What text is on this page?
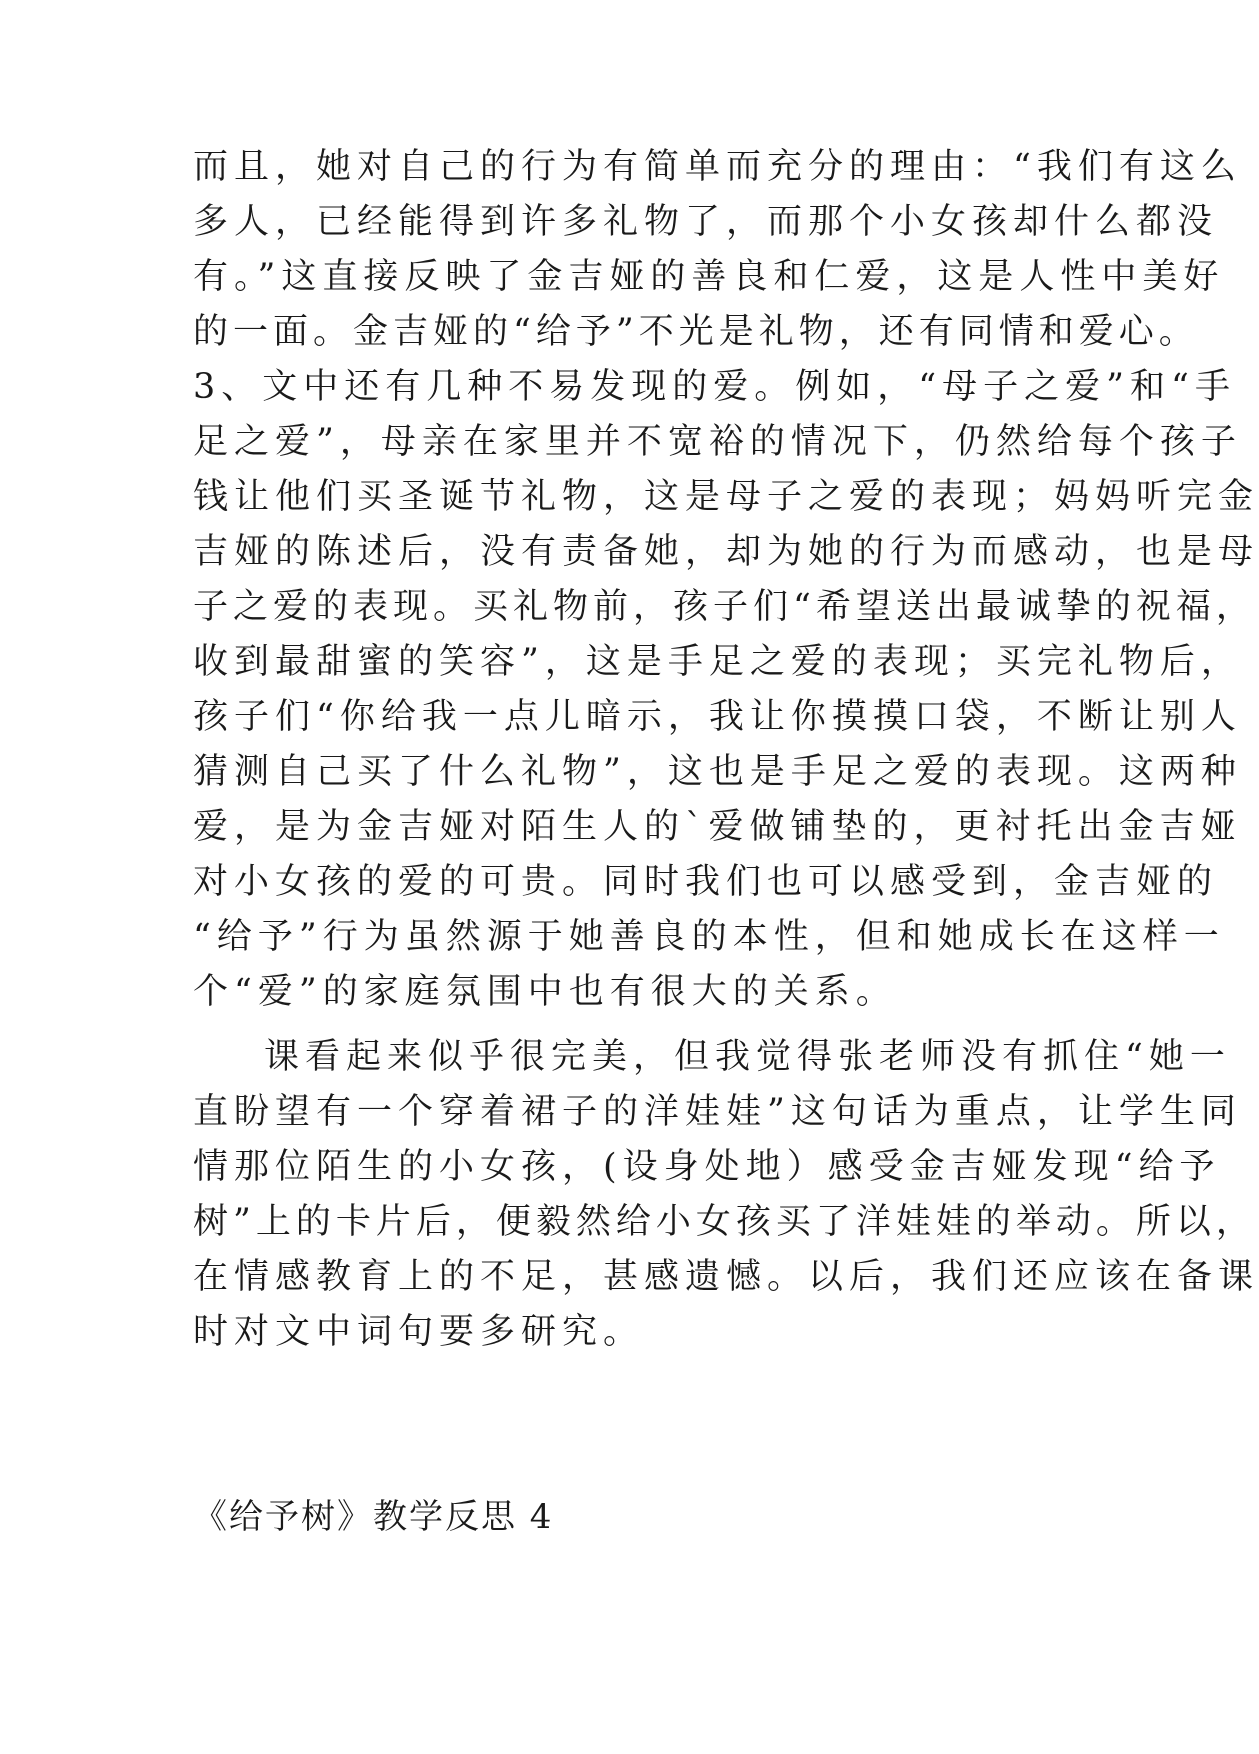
而且，她对自己的行为有简单而充分的理由：“我们有这么
多人，已经能得到许多礼物了，而那个小女孩却什么都没
有。”这直接反映了金吉娅的善良和仁爱，这是人性中美好
的一面。金吉娅的“给予”不光是礼物，还有同情和爱心。
3、文中还有几种不易发现的爱。例如，“母子之爱”和“手
足之爱”，母亲在家里并不宽裕的情况下，仍然给每个孩子
钱让他们买圣诞节礼物，这是母子之爱的表现；妈妈听完金
吉娅的陈述后，没有责备她，却为她的行为而感动，也是母
子之爱的表现。买礼物前，孩子们“希望送出最诚挚的祝福，
收到最甜蜜的笑容”，这是手足之爱的表现；买完礼物后，
孩子们“你给我一点儿暗示，我让你摸摸口袋，不断让别人
猜测自己买了什么礼物”，这也是手足之爱的表现。这两种
爱，是为金吉娅对陌生人的`爱做铺垫的，更衬托出金吉娅
对小女孩的爱的可贵。同时我们也可以感受到，金吉娅的
“给予”行为虽然源于她善良的本性，但和她成长在这样一
个“爱”的家庭氛围中也有很大的关系。
课看起来似乎很完美，但我觉得张老师没有抓住“她一
直盼望有一个穿着裙子的洋娃娃”这句话为重点，让学生同
情那位陌生的小女孩，(设身处地）感受金吉娅发现“给予
树”上的卡片后，便毅然给小女孩买了洋娃娃的举动。所以，
在情感教育上的不足，甚感遗憾。以后，我们还应该在备课
时对文中词句要多研究。
《给予树》教学反思 4
